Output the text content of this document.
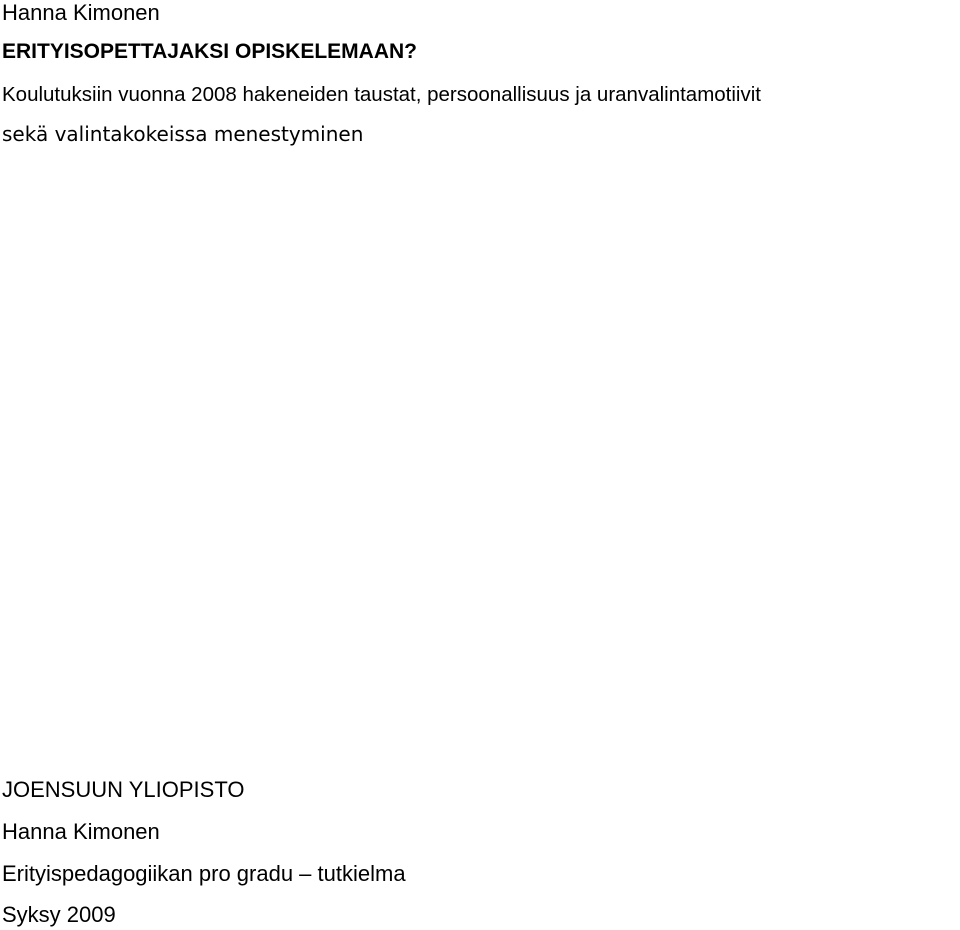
Hanna Kimonen
ERITYISOPETTAJAKSI OPISKELEMAAN?
Koulutuksiin vuonna 2008 hakeneiden taustat, persoonallisuus ja uranvalintamotiivit
sekä valintakokeissa menestyminen
JOENSUUN YLIOPISTO
Hanna Kimonen
Erityispedagogiikan pro gradu – tutkielma
Syksy 2009
